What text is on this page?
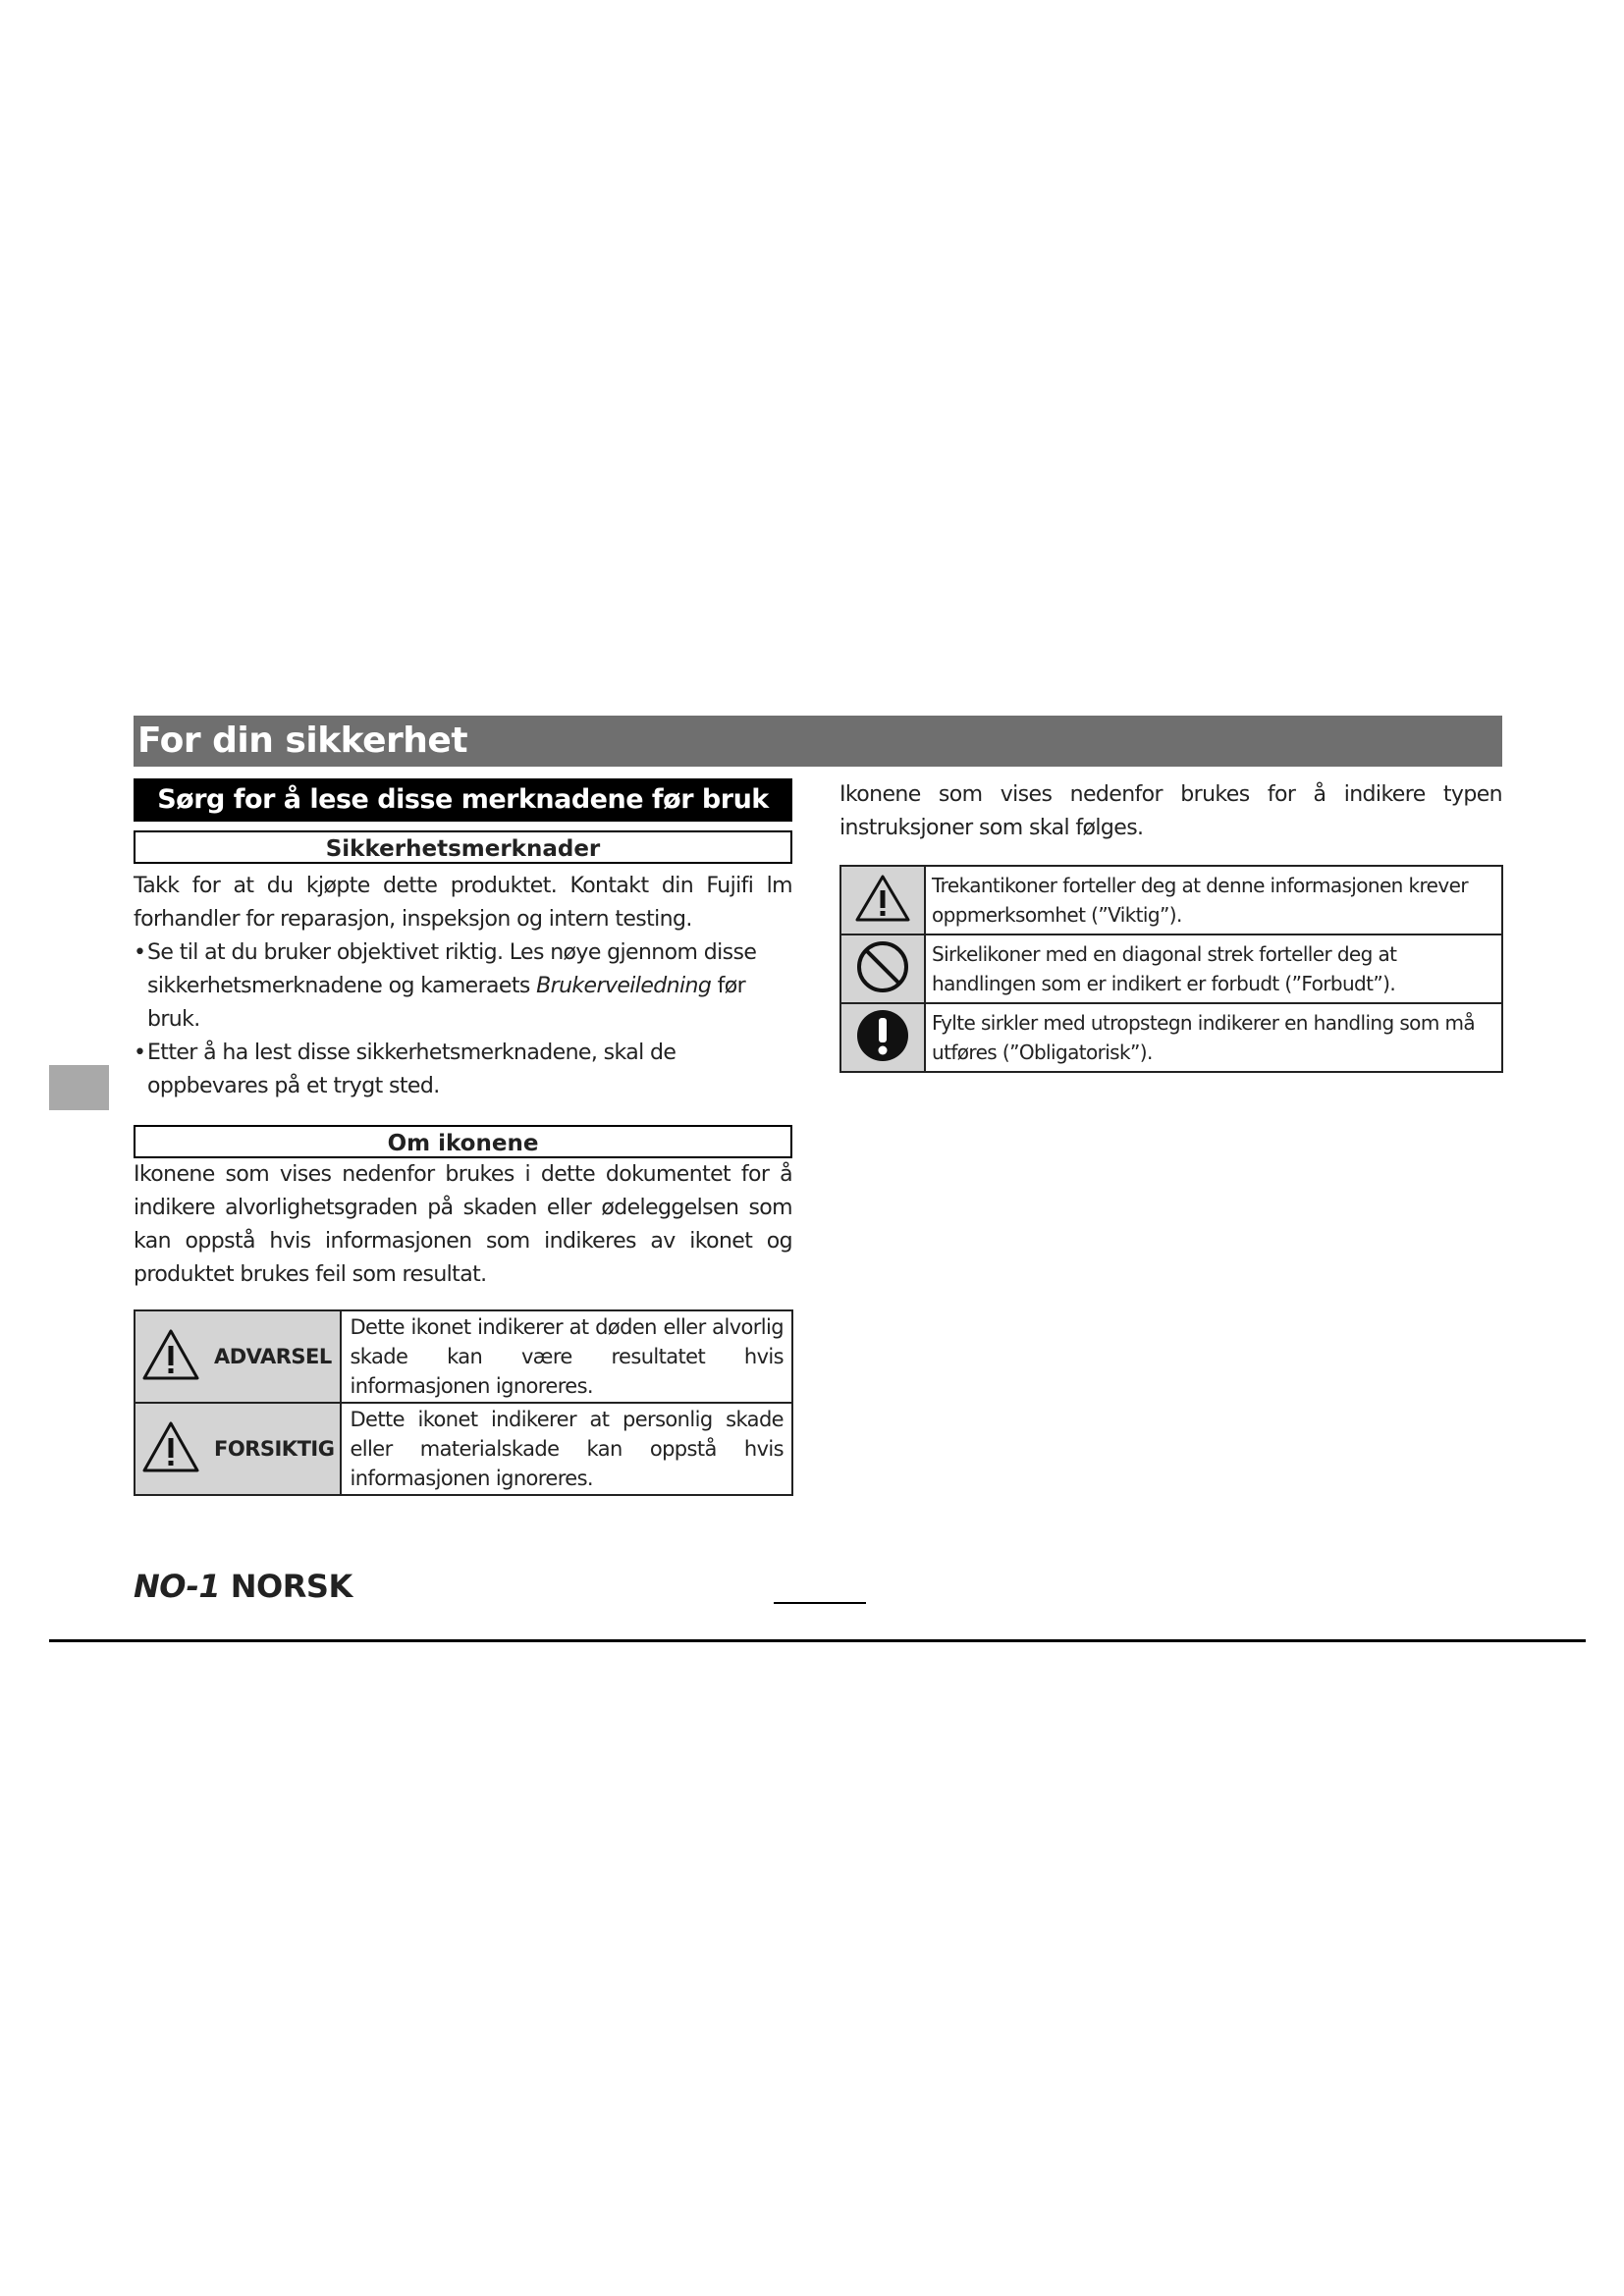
For din sikkerhet
Sørg for å lese disse merknadene før bruk
Sikkerhetsmerknader

Takk for at du kjøpte dette produktet. Kontakt din Fujifi lm forhandler for reparasjon, inspeksjon og intern testing.

• Se til at du bruker objektivet riktig. Les nøye gjennom disse sikkerhetsmerknadene og kameraets Brukerveiledning før bruk.
• Etter å ha lest disse sikkerhetsmerknadene, skal de oppbevares på et trygt sted.
Om ikonene

Ikonene som vises nedenfor brukes i dette dokumentet for å indikere alvorlighetsgraden på skaden eller ødeleggelsen som kan oppstå hvis informasjonen som indikeres av ikonet og produktet brukes feil som resultat.

ADVARSEL	Dette ikonet indikerer at døden eller alvorlig skade kan være resultatet hvis informasjonen ignoreres.

FORSIKTIG	Dette ikonet indikerer at personlig skade eller materialskade kan oppstå hvis informasjonen ignoreres.

Ikonene som vises nedenfor brukes for å indikere typen instruksjoner som skal følges.

	Trekantikoner forteller deg at denne informasjonen krever oppmerksomhet (”Viktig”).
	Sirkelikoner med en diagonal strek forteller deg at handlingen som er indikert er forbudt (”Forbudt”).
	Fylte sirkler med utropstegn indikerer en handling som må utføres (”Obligatorisk”).
NO-1 NORSK
